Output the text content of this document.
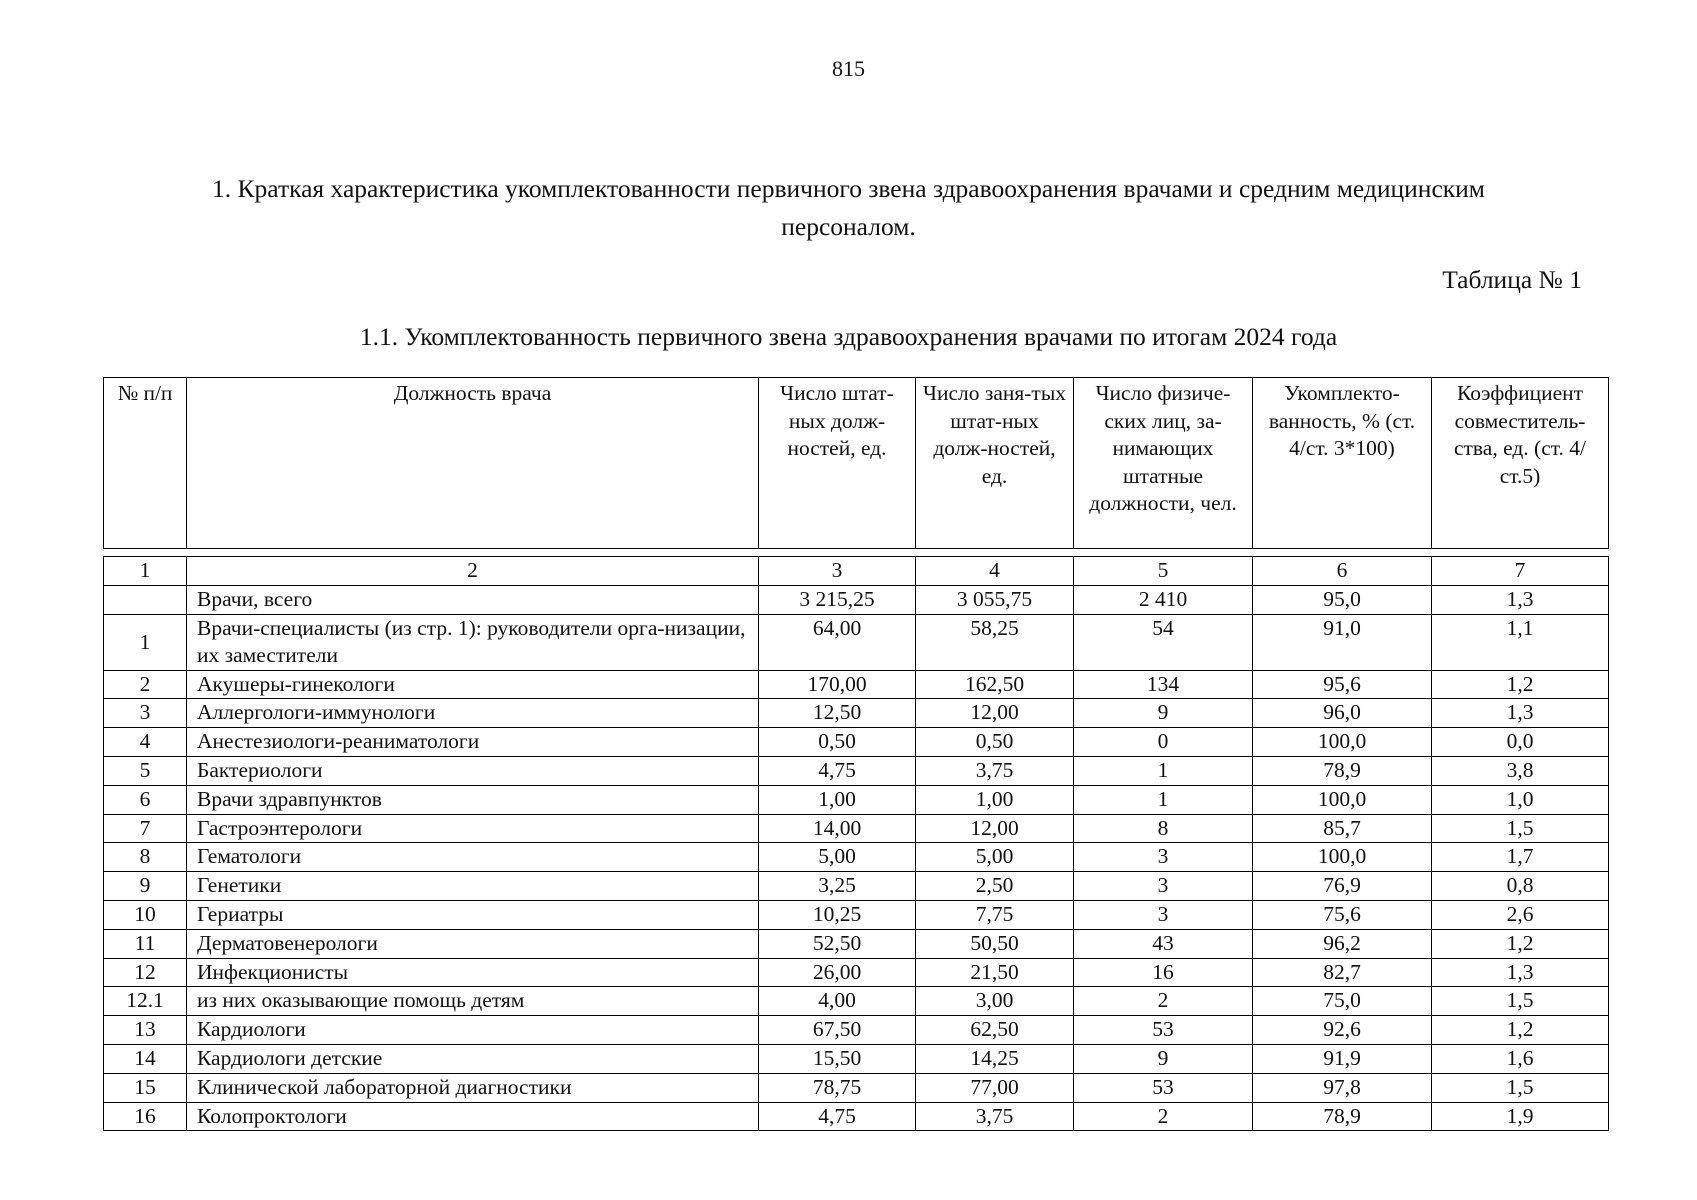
815
1. Краткая характеристика укомплектованности первичного звена здравоохранения врачами и средним медицинским
персоналом.
Таблица № 1
1.1. Укомплектованность первичного звена здравоохранения врачами по итогам 2024 года
№ п/п	Должность врача	Число штат-ных долж-ностей, ед.	Число заня-тых штат-ных долж-ностей, ед.	Число физиче-ских лиц, за-нимающих штатные должности, чел.	Укомплекто-ванность, % (ст. 4/ст. 3*100)	Коэффициент совместитель-ства, ед. (ст. 4/ст.5)
1	2	3	4	5	6	7
	Врачи, всего	3 215,25	3 055,75	2 410	95,0	1,3
1	Врачи-специалисты (из стр. 1): руководители орга-низации, их заместители	64,00	58,25	54	91,0	1,1
2	Акушеры-гинекологи	170,00	162,50	134	95,6	1,2
3	Аллергологи-иммунологи	12,50	12,00	9	96,0	1,3
4	Анестезиологи-реаниматологи	0,50	0,50	0	100,0	0,0
5	Бактериологи	4,75	3,75	1	78,9	3,8
6	Врачи здравпунктов	1,00	1,00	1	100,0	1,0
7	Гастроэнтерологи	14,00	12,00	8	85,7	1,5
8	Гематологи	5,00	5,00	3	100,0	1,7
9	Генетики	3,25	2,50	3	76,9	0,8
10	Гериатры	10,25	7,75	3	75,6	2,6
11	Дерматовенерологи	52,50	50,50	43	96,2	1,2
12	Инфекционисты	26,00	21,50	16	82,7	1,3
12.1	из них оказывающие помощь детям	4,00	3,00	2	75,0	1,5
13	Кардиологи	67,50	62,50	53	92,6	1,2
14	Кардиологи детские	15,50	14,25	9	91,9	1,6
15	Клинической лабораторной диагностики	78,75	77,00	53	97,8	1,5
16	Колопроктологи	4,75	3,75	2	78,9	1,9
